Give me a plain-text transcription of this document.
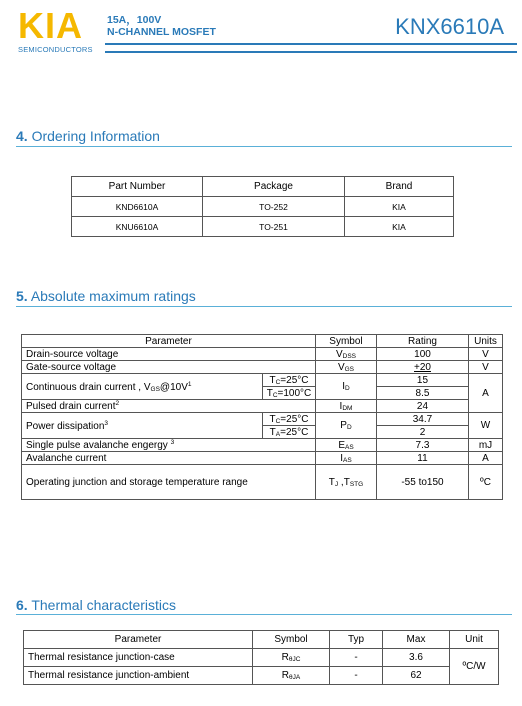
KIA
SEMICONDUCTORS
15A，100V
N-CHANNEL MOSFET	KNX6610A
4. Ordering Information
Part Number	Package	Brand
KND6610A	TO-252	KIA
KNU6610A	TO-251	KIA
5. Absolute maximum ratings
Parameter		Symbol	Rating	Units
Drain-source voltage		$V_{DSS}$	100	V
Gate-source voltage		$V_{GS}$	+20	V
Continuous drain current , $V_{GS}@10V^1$	$T_C=25^\circ C$	$I_D$	15	A
	$T_C=100^\circ C$		8.5	
Pulsed drain current$^2$		$I_{DM}$	24	
Power dissipation$^3$	$T_C=25^\circ C$	$P_D$	34.7	W
	$T_A=25^\circ C$		2	
Single pulse avalanche engergy $^3$		$E_{AS}$	7.3	mJ
Avalanche current		$I_{AS}$	11	A
Operating junction and storage temperature range		$T_J$ $,T_{STG}$	-55 to150	ºC
6. Thermal characteristics
Parameter	Symbol	Typ	Max	Unit
Thermal resistance junction-case	$R_{\theta JC}$	-	3.6	ºC/W
Thermal resistance junction-ambient	$R_{\theta JA}$	-	62	
